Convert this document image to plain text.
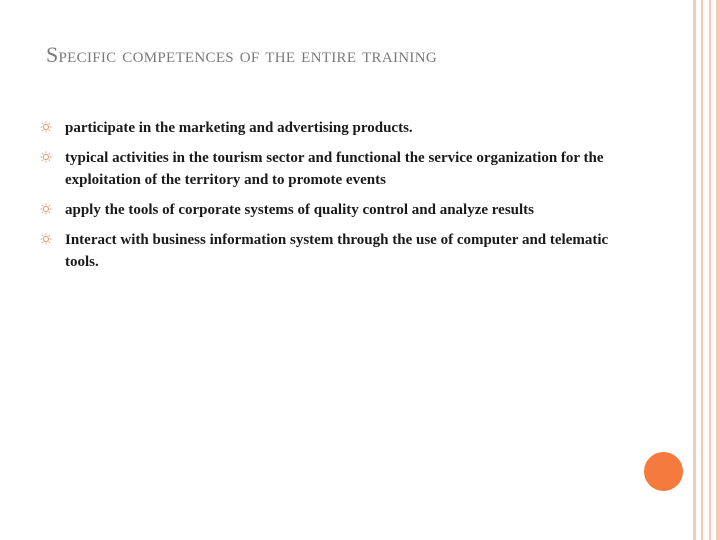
Specific competences of the entire training
participate in the marketing and advertising products.
typical activities in the tourism sector and functional the service organization for the exploitation of the territory and to promote events
apply the tools of corporate systems of quality control and analyze results
Interact with business information system through the use of computer and telematic tools.
